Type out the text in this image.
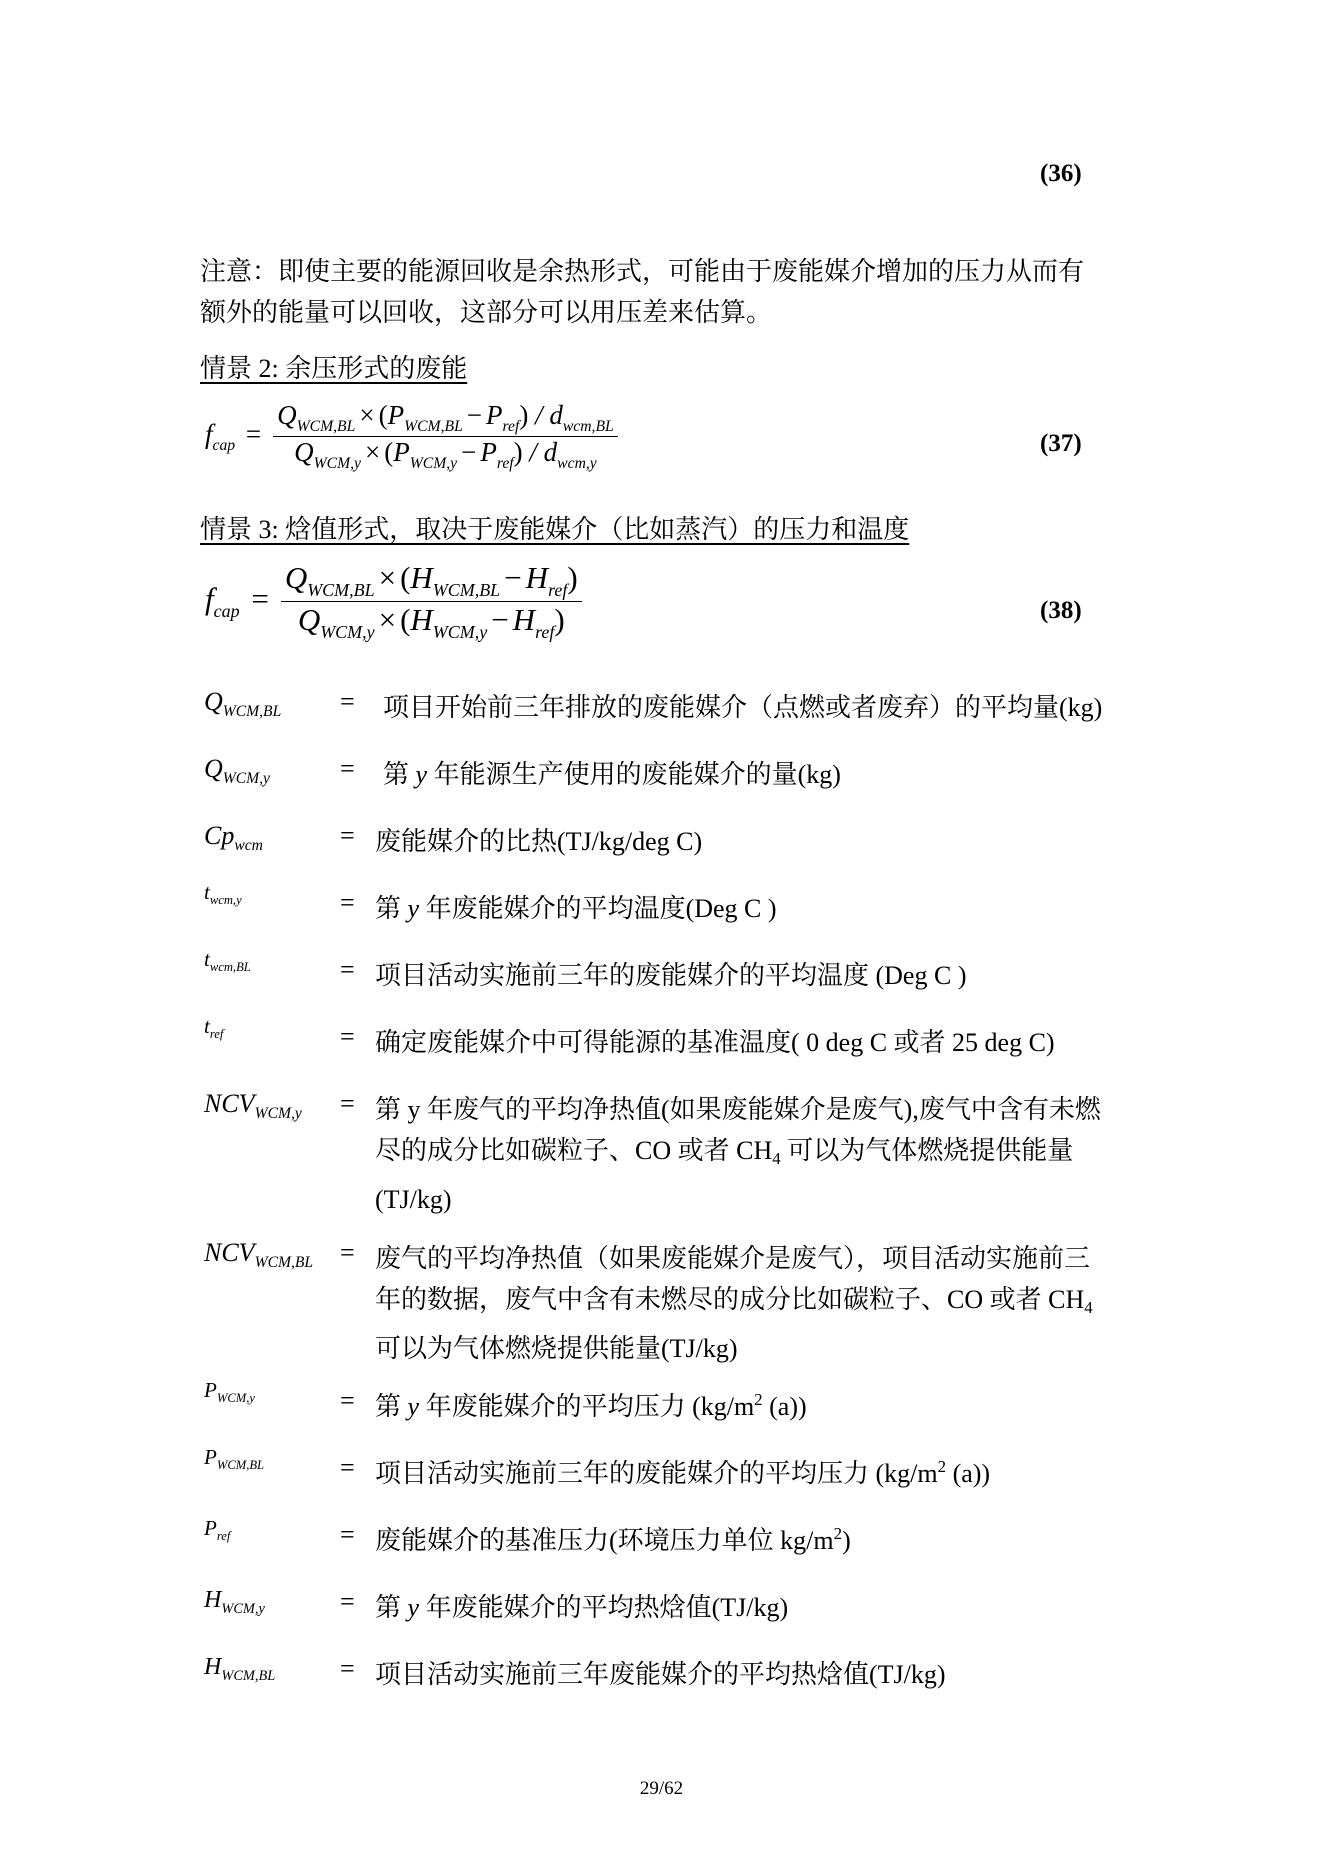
(36)
注意：即使主要的能源回收是余热形式，可能由于废能媒介增加的压力从而有
额外的能量可以回收，这部分可以用压差来估算。
情景 2: 余压形式的废能
$f_{cap} = \frac{Q_{WCM,BL} \times (P_{WCM,BL} - P_{ref}) / d_{wcm,BL}}{Q_{WCM,y} \times (P_{WCM,y} - P_{ref}) / d_{wcm,y}}$	(37)
情景 3: 焓值形式，取决于废能媒介（比如蒸汽）的压力和温度
$f_{cap} = \frac{Q_{WCM,BL} \times (H_{WCM,BL} - H_{ref})}{Q_{WCM,y} \times (H_{WCM,y} - H_{ref})}$	(38)
$Q_{WCM,BL}$ = 项目开始前三年排放的废能媒介（点燃或者废弃）的平均量(kg)
$Q_{WCM,y}$	= 第 y 年能源生产使用的废能媒介的量(kg)
$Cp_{wcm}$	= 废能媒介的比热(TJ/kg/deg C)
$t_{wcm,y}$	= 第 y 年废能媒介的平均温度(Deg C )
$t_{wcm,BL}$	= 项目活动实施前三年的废能媒介的平均温度 (Deg C )
$t_{ref}$	= 确定废能媒介中可得能源的基准温度( 0 deg C 或者 25 deg C)
$NCV_{WCM,y}$ = 第 y 年废气的平均净热值(如果废能媒介是废气),废气中含有未燃
尽的成分比如碳粒子、CO 或者 $CH_4$ 可以为气体燃烧提供能量
(TJ/kg)
$NCV_{WCM,BL}$ = 废气的平均净热值（如果废能媒介是废气），项目活动实施前三
年的数据，废气中含有未燃尽的成分比如碳粒子、CO 或者 $CH_4$
可以为气体燃烧提供能量(TJ/kg)
$P_{WCM,y}$	= 第 y 年废能媒介的平均压力 ($kg/m^2$ (a))
$P_{WCM,BL}$	= 项目活动实施前三年的废能媒介的平均压力 ($kg/m^2$ (a))
$P_{ref}$	= 废能媒介的基准压力(环境压力单位 $kg/m^2$)
$H_{WCM,y}$	= 第 y 年废能媒介的平均热焓值(TJ/kg)
$H_{WCM,BL}$ = 项目活动实施前三年废能媒介的平均热焓值(TJ/kg)
29/62
